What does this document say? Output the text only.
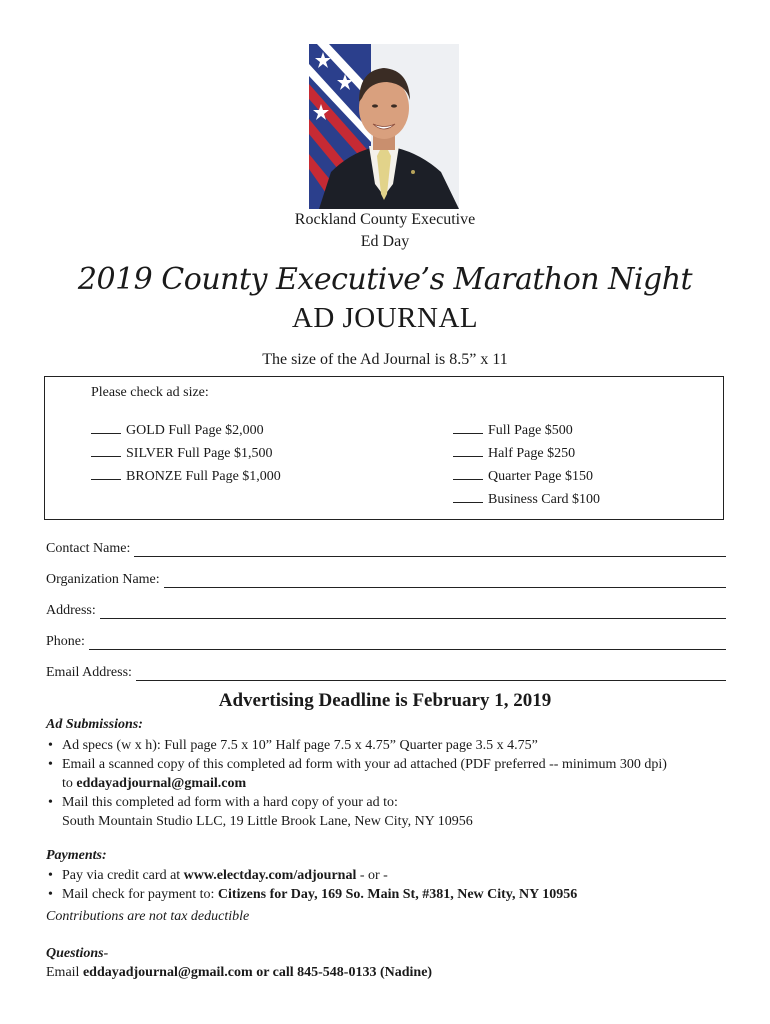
Rockland County Executive
Ed Day
2019 County Executive’s Marathon Night
AD JOURNAL
The size of the Ad Journal is 8.5” x 11
Please check ad size:
GOLD Full Page $2,000
SILVER Full Page $1,500
BRONZE Full Page $1,000
Full Page $500
Half Page $250
Quarter Page $150
Business Card $100
Contact Name:
Organization Name:
Address:
Phone:
Email Address:
Advertising Deadline is February 1, 2019
Ad Submissions:
• Ad specs (w x h): Full page 7.5 x 10” Half page 7.5 x 4.75” Quarter page 3.5 x 4.75”
• Email a scanned copy of this completed ad form with your ad attached (PDF preferred -- minimum 300 dpi)
to eddayadjournal@gmail.com
• Mail this completed ad form with a hard copy of your ad to:
South Mountain Studio LLC, 19 Little Brook Lane, New City, NY 10956
Payments:
• Pay via credit card at www.electday.com/adjournal - or -
• Mail check for payment to: Citizens for Day, 169 So. Main St, #381, New City, NY 10956
Contributions are not tax deductible
Questions-
Email eddayadjournal@gmail.com or call 845-548-0133 (Nadine)
